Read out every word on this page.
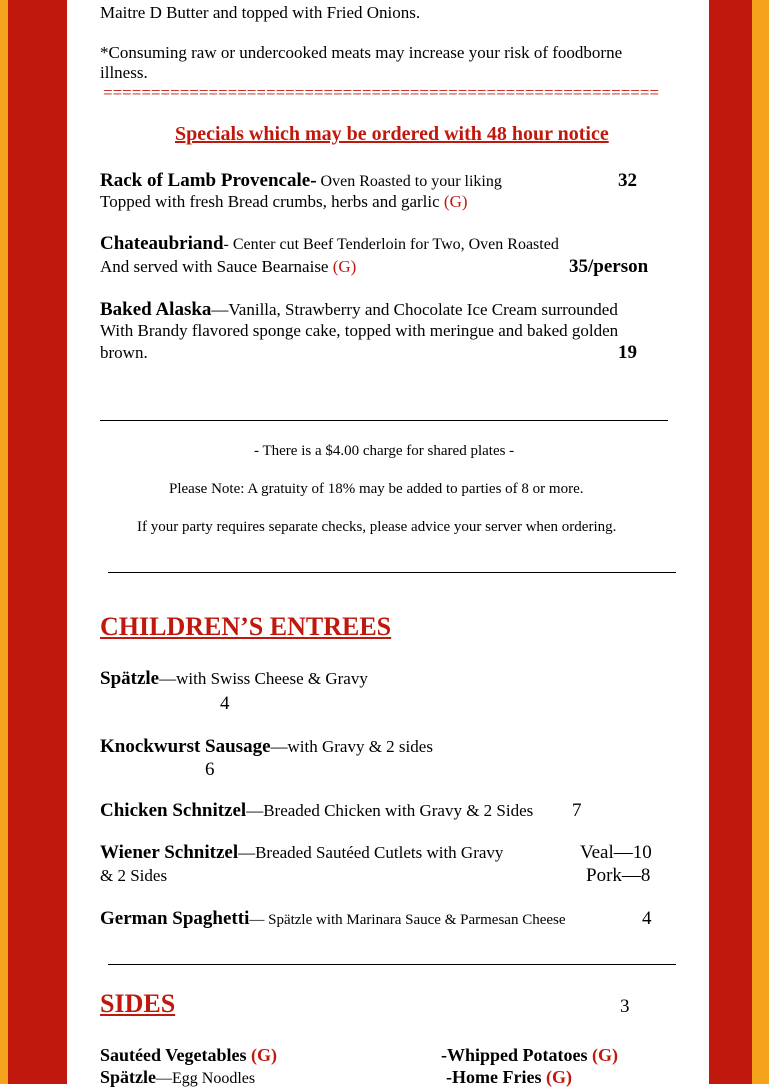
Maitre D Butter and topped with Fried Onions.
*Consuming raw or undercooked meats may increase your risk of foodborne
illness.
==========================================================
Specials which may be ordered with 48 hour notice
Rack of Lamb Provencale- Oven Roasted to your liking	32
Topped with fresh Bread crumbs, herbs and garlic (G)
Chateaubriand- Center cut Beef Tenderloin for Two, Oven Roasted
And served with Sauce Bearnaise (G)	35/person
Baked Alaska—Vanilla, Strawberry and Chocolate Ice Cream surrounded
With Brandy flavored sponge cake, topped with meringue and baked golden
brown.	19
- There is a $4.00 charge for shared plates -
Please Note: A gratuity of 18% may be added to parties of 8 or more.
If your party requires separate checks, please advice your server when ordering.
CHILDREN’S ENTREES
Spätzle—with Swiss Cheese & Gravy
4
Knockwurst Sausage—with Gravy & 2 sides
6
Chicken Schnitzel—Breaded Chicken with Gravy & 2 Sides 7
Wiener Schnitzel—Breaded Sautéed Cutlets with Gravy	Veal—10
& 2 Sides	Pork—8
German Spaghetti— Spätzle with Marinara Sauce & Parmesan Cheese	4
SIDES	3
Sautéed Vegetables (G)	-Whipped Potatoes (G)
Spätzle—Egg Noodles	-Home Fries (G)
